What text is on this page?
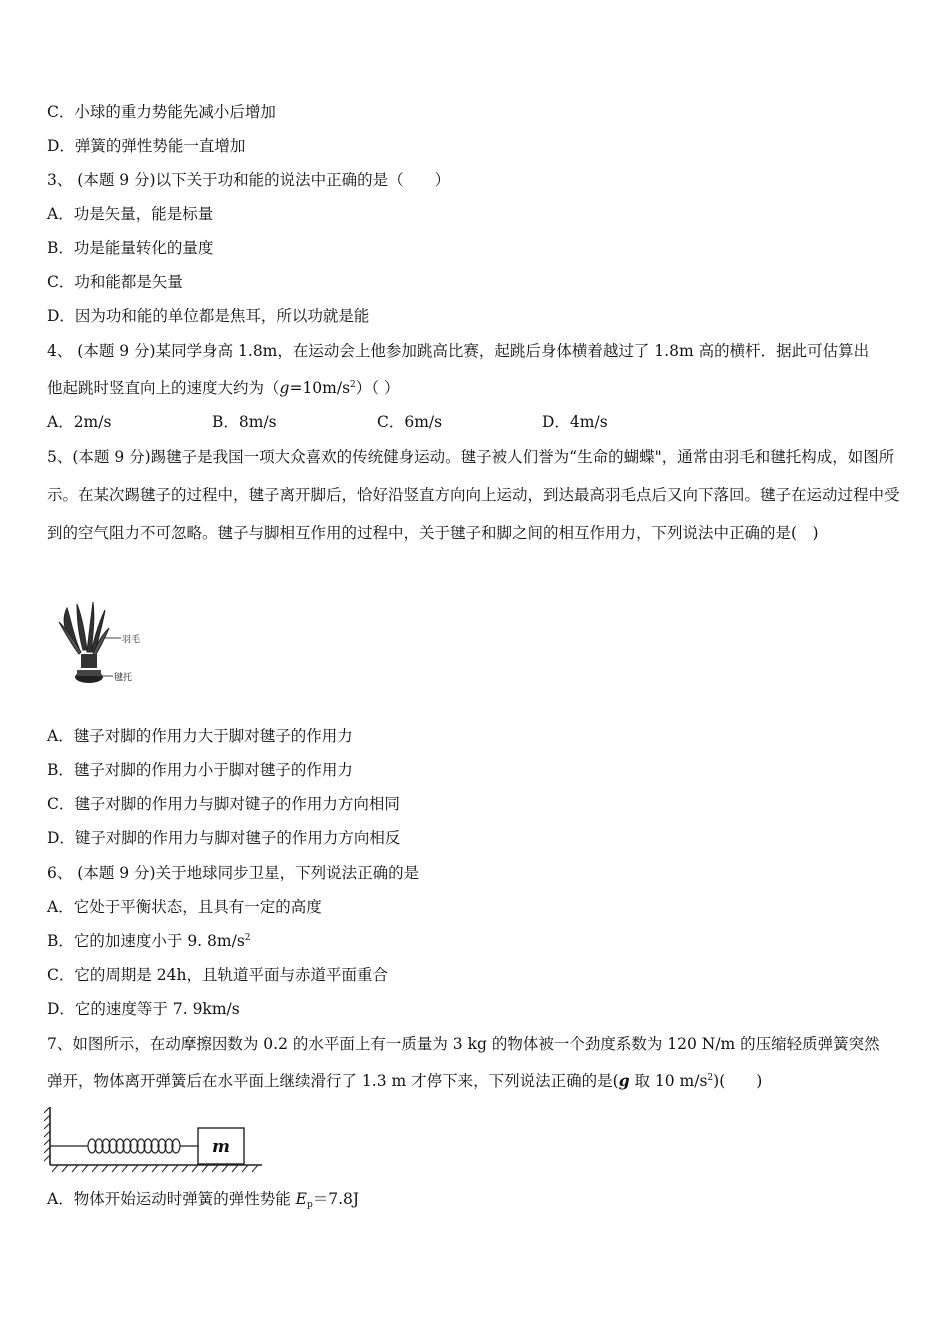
C．小球的重力势能先减小后增加
D．弹簧的弹性势能一直增加
3、 (本题 9 分)以下关于功和能的说法中正确的是（　　）
A．功是矢量，能是标量
B．功是能量转化的量度
C．功和能都是矢量
D．因为功和能的单位都是焦耳，所以功就是能
4、 (本题 9 分)某同学身高 1.8m，在运动会上他参加跳高比赛，起跳后身体横着越过了 1.8m 高的横杆．据此可估算出
他起跳时竖直向上的速度大约为$(g=10m/s^2)$（ ）
A．2m/s	B．8m/s	C．6m/s	D．4m/s
5、(本题 9 分)踢毽子是我国一项大众喜欢的传统健身运动。毽子被人们誉为“生命的蝴蝶"，通常由羽毛和毽托构成，如图所示。在某次踢毽子的过程中，毽子离开脚后，恰好沿竖直方向向上运动，到达最高羽毛点后又向下落回。毽子在运动过程中受到的空气阻力不可忽略。毽子与脚相互作用的过程中，关于毽子和脚之间的相互作用力，下列说法中正确的是(　)
羽毛
毽托
A．毽子对脚的作用力大于脚对毽子的作用力
B．毽子对脚的作用力小于脚对毽子的作用力
C．毽子对脚的作用力与脚对键子的作用力方向相同
D．键子对脚的作用力与脚对毽子的作用力方向相反
6、 (本题 9 分)关于地球同步卫星，下列说法正确的是
A．它处于平衡状态，且具有一定的高度
B．它的加速度小于 9. $8m/s^2$
C．它的周期是 24h，且轨道平面与赤道平面重合
D．它的速度等于 7. 9km/s
7、如图所示，在动摩擦因数为 0.2 的水平面上有一质量为 3 kg 的物体被一个劲度系数为 120 N/m 的压缩轻质弹簧突然
弹开，物体离开弹簧后在水平面上继续滑行了 1.3 m 才停下来，下列说法正确的是(g 取 10 $m/s^2$)(　　)
m
A．物体开始运动时弹簧的弹性势能 $E_p=7.8J$
